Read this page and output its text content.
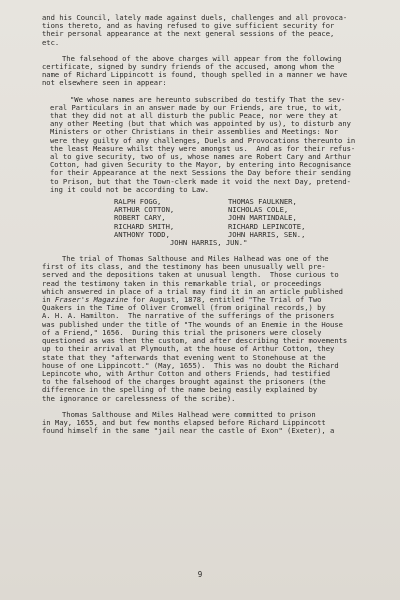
and his Council, lately made against duels, challenges and all provoca-
tions thereto, and as having refused to give sufficient security for
their personal appearance at the next general sessions of the peace,
etc.
The falsehood of the above charges will appear from the following
certificate, signed by sundry friends of the accused, among whom the
name of Richard Lippincott is found, though spelled in a manner we have
not elsewhere seen in appear:
"We whose names are hereunto subscribed do testify That the sev-
eral Particulars in an answer made by our Friends, are true, to wit,
that they did not at all disturb the public Peace, nor were they at
any other Meeting (but that which was appointed by us), to disturb any
Ministers or other Christians in their assemblies and Meetings: Nor
were they guilty of any challenges, Duels and Provocations thereunto in
the least Measure whilst they were amongst us.  And as for their refus-
al to give security, two of us, whose names are Robert Cary and Arthur
Cotton, had given Security to the Mayor, by entering into Recognisance
for their Appearance at the next Sessions the Day before their sending
to Prison, but that the Town-clerk made it void the next Day, pretend-
ing it could not be according to Law.
RALPH FOGG,
ARTHUR COTTON,
ROBERT CARY,
RICHARD SMITH,
ANTHONY TODD,
THOMAS FAULKNER,
NICHOLAS COLE,
JOHN MARTINDALE,
RICHARD LEPINCOTE,
JOHN HARRIS, SEN.,
JOHN HARRIS, JUN."
The trial of Thomas Salthouse and Miles Halhead was one of the
first of its class, and the testimony has been unusually well pre-
served and the depositions taken at unusual length.  Those curious to
read the testimony taken in this remarkable trial, or proceedings
which answered in place of a trial may find it in an article published
in Fraser's Magazine for August, 1878, entitled "The Trial of Two
Quakers in the Time of Oliver Cromwell (from original records,) by
A. H. A. Hamilton.  The narrative of the sufferings of the prisoners
was published under the title of "The wounds of an Enemie in the House
of a Friend," 1656.  During this trial the prisoners were closely
questioned as was then the custom, and after describing their movements
up to their arrival at Plymouth, at the house of Arthur Cotton, they
state that they "afterwards that evening went to Stonehouse at the
house of one Lippincott." (May, 1655).  This was no doubt the Richard
Lepincote who, with Arthur Cotton and others Friends, had testified
to the falsehood of the charges brought against the prisoners (the
difference in the spelling of the name being easily explained by
the ignorance or carelessness of the scribe).
Thomas Salthouse and Miles Halhead were committed to prison
in May, 1655, and but few months elapsed before Richard Lippincott
found himself in the same "jail near the castle of Exon" (Exeter), a
9
